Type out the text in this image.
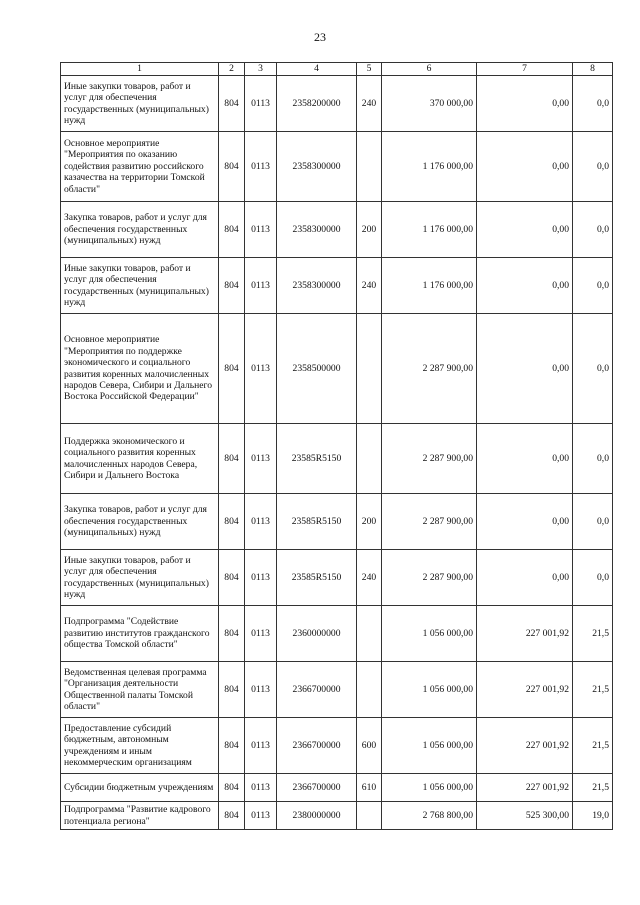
23
1	2	3	4	5	6	7	8
Иные закупки товаров, работ и услуг для обеспечения государственных (муниципальных) нужд	804	0113	2358200000	240	370 000,00	0,00	0,0
Основное мероприятие "Мероприятия по оказанию содействия развитию российского казачества на территории Томской области"	804	0113	2358300000		1 176 000,00	0,00	0,0
Закупка товаров, работ и услуг для обеспечения государственных (муниципальных) нужд	804	0113	2358300000	200	1 176 000,00	0,00	0,0
Иные закупки товаров, работ и услуг для обеспечения государственных (муниципальных) нужд	804	0113	2358300000	240	1 176 000,00	0,00	0,0
Основное мероприятие "Мероприятия по поддержке экономического и социального развития коренных малочисленных народов Севера, Сибири и Дальнего Востока Российской Федерации"	804	0113	2358500000		2 287 900,00	0,00	0,0
Поддержка экономического и социального развития коренных малочисленных народов Севера, Сибири и Дальнего Востока	804	0113	23585R5150		2 287 900,00	0,00	0,0
Закупка товаров, работ и услуг для обеспечения государственных (муниципальных) нужд	804	0113	23585R5150	200	2 287 900,00	0,00	0,0
Иные закупки товаров, работ и услуг для обеспечения государственных (муниципальных) нужд	804	0113	23585R5150	240	2 287 900,00	0,00	0,0
Подпрограмма "Содействие развитию институтов гражданского общества Томской области"	804	0113	2360000000		1 056 000,00	227 001,92	21,5
Ведомственная целевая программа "Организация деятельности Общественной палаты Томской области"	804	0113	2366700000		1 056 000,00	227 001,92	21,5
Предоставление субсидий бюджетным, автономным учреждениям и иным некоммерческим организациям	804	0113	2366700000	600	1 056 000,00	227 001,92	21,5
Субсидии бюджетным учреждениям	804	0113	2366700000	610	1 056 000,00	227 001,92	21,5
Подпрограмма "Развитие кадрового потенциала региона"	804	0113	2380000000		2 768 800,00	525 300,00	19,0
